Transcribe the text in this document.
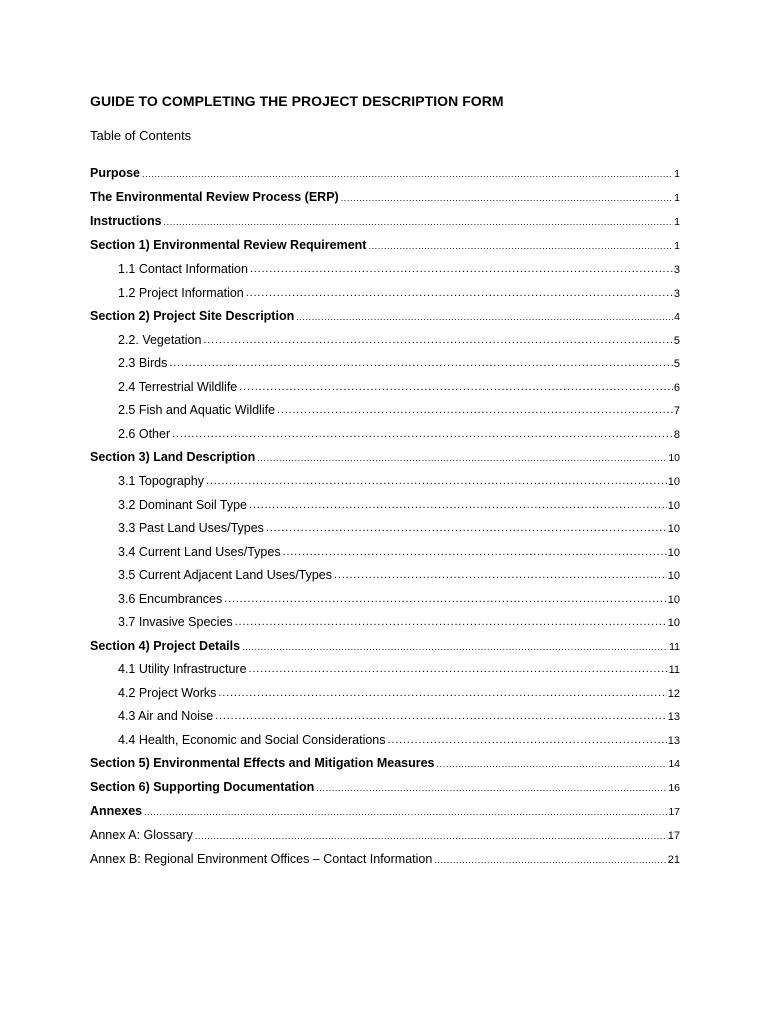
GUIDE TO COMPLETING THE PROJECT DESCRIPTION FORM
Table of Contents
Purpose .....	1
The Environmental Review Process (ERP) .....	1
Instructions .....	1
Section 1) Environmental Review Requirement .....	1
1.1 Contact Information .....	3
1.2 Project Information .....	3
Section 2) Project Site Description .....	4
2.2. Vegetation .....	5
2.3 Birds .....	5
2.4 Terrestrial Wildlife .....	6
2.5 Fish and Aquatic Wildlife .....	7
2.6 Other .....	8
Section 3) Land Description .....	10
3.1 Topography .....	10
3.2 Dominant Soil Type .....	10
3.3 Past Land Uses/Types .....	10
3.4 Current Land Uses/Types .....	10
3.5 Current Adjacent Land Uses/Types .....	10
3.6 Encumbrances .....	10
3.7 Invasive Species .....	10
Section 4) Project Details .....	11
4.1 Utility Infrastructure .....	11
4.2 Project Works .....	12
4.3 Air and Noise .....	13
4.4 Health, Economic and Social Considerations .....	13
Section 5) Environmental Effects and Mitigation Measures .....	14
Section 6) Supporting Documentation .....	16
Annexes .....	17
Annex A: Glossary .....	17
Annex B: Regional Environment Offices – Contact Information .....	21
